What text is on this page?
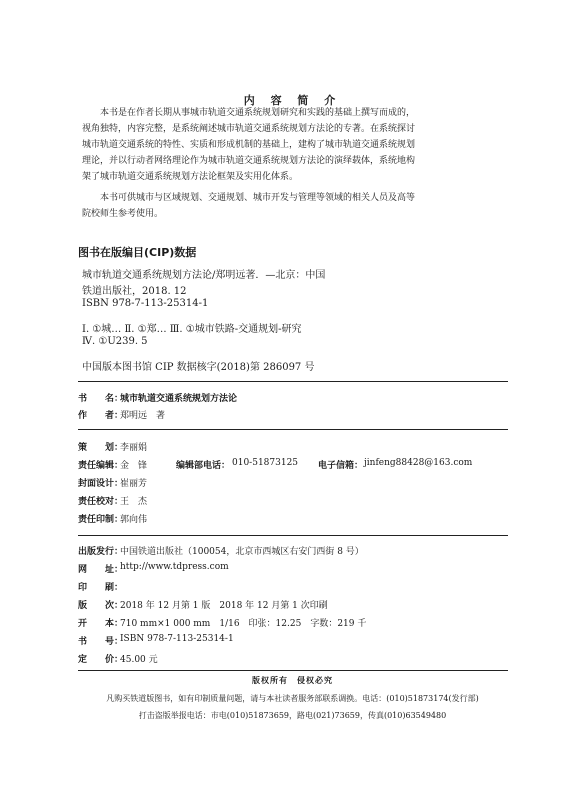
内 容 简 介

本书是在作者长期从事城市轨道交通系统规划研究和实践的基础上撰写而成的，

视角独特，内容完整，是系统阐述城市轨道交通系统规划方法论的专著。在系统探讨

城市轨道交通系统的特性、实质和形成机制的基础上，建构了城市轨道交通系统规划

理论，并以行动者网络理论作为城市轨道交通系统规划方法论的演绎载体，系统地构

架了城市轨道交通系统规划方法论框架及实用化体系。

本书可供城市与区域规划、交通规划、城市开发与管理等领域的相关人员及高等

院校师生参考使用。

图书在版编目(CIP)数据
城市轨道交通系统规划方法论/郑明远著．—北京：中国
铁道出版社，2018. 12
ISBN 978-7-113-25314-1
Ⅰ. ①城… Ⅱ. ①郑… Ⅲ. ①城市铁路-交通规划-研究
Ⅳ. ①U239. 5
中国版本图书馆 CIP 数据核字(2018)第 286097 号
书　　名：
城市轨道交通系统规划方法论
作　　者：
郑明远　著
策　　划：
李丽娟
责任编辑：
金　锋	编辑部电话： 010-51873125 电子信箱： jinfeng88428@163.com
封面设计：
崔丽芳
责任校对：
王　杰
责任印制：
郭向伟
出版发行：
中国铁道出版社（100054，北京市西城区右安门西街 8 号）
网　　址：
http://www.tdpress.com
印　　刷：
版　　次：
2018 年 12 月第 1 版　2018 年 12 月第 1 次印刷
开　　本：
710 mm×1 000 mm　1/16　印张：12.25　字数：219 千
书　　号：
ISBN 978-7-113-25314-1
定　　价：
45.00 元
版权所有　侵权必究
凡购买铁道版图书，如有印制质量问题，请与本社读者服务部联系调换。电话：(010)51873174(发行部)
打击盗版举报电话：市电(010)51873659，路电(021)73659，传真(010)63549480
